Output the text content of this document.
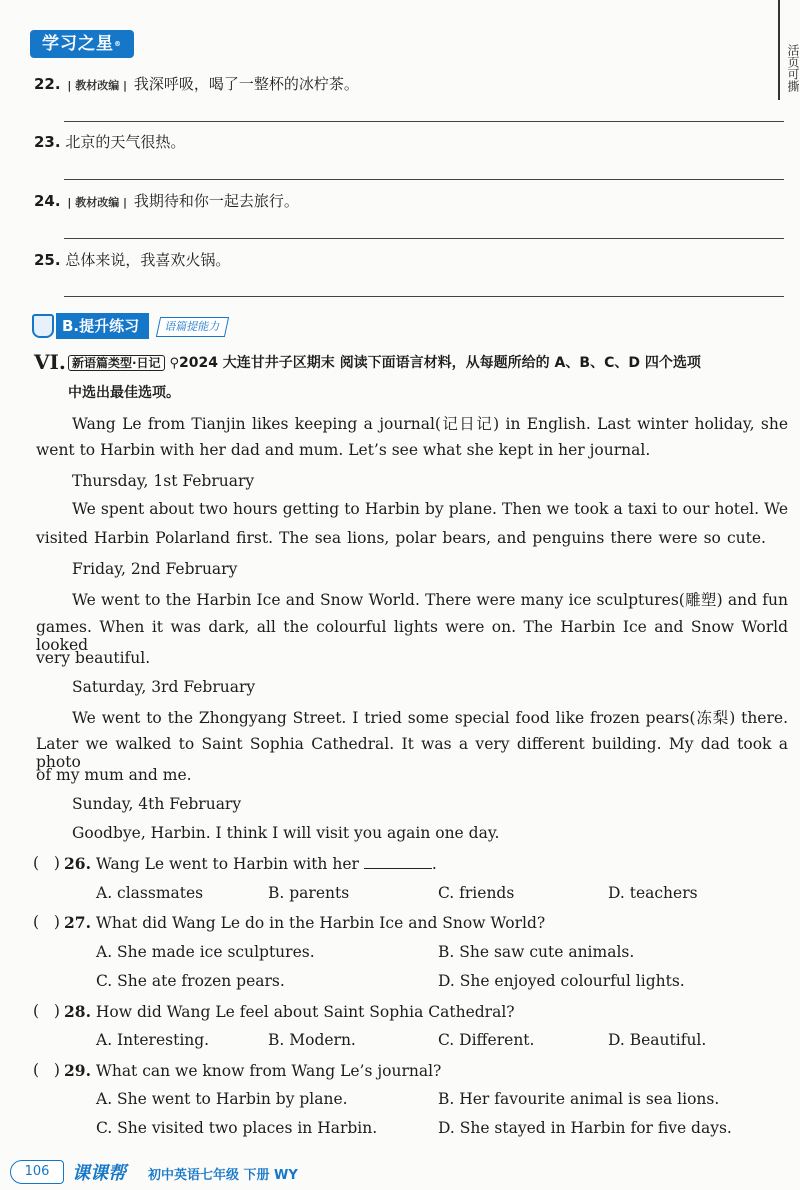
学习之星®	活页可撕
22. | 教材改编 | 我深呼吸，喝了一整杯的冰柠茶。
23. 北京的天气很热。
24. | 教材改编 | 我期待和你一起去旅行。
25. 总体来说，我喜欢火锅。
B.提升练习	语篇提能力
VI. 新语篇类型·日记 ⚲2024 大连甘井子区期末 阅读下面语言材料，从每题所给的 A、B、C、D 四个选项
中选出最佳选项。
Wang Le from Tianjin likes keeping a journal(记日记) in English. Last winter holiday, she
went to Harbin with her dad and mum. Let’s see what she kept in her journal.
Thursday, 1st February
We spent about two hours getting to Harbin by plane. Then we took a taxi to our hotel. We
visited Harbin Polarland first. The sea lions, polar bears, and penguins there were so cute.
Friday, 2nd February
We went to the Harbin Ice and Snow World. There were many ice sculptures(雕塑) and fun
games. When it was dark, all the colourful lights were on. The Harbin Ice and Snow World looked
very beautiful.
Saturday, 3rd February
We went to the Zhongyang Street. I tried some special food like frozen pears(冻梨) there.
Later we walked to Saint Sophia Cathedral. It was a very different building. My dad took a photo
of my mum and me.
Sunday, 4th February
Goodbye, Harbin. I think I will visit you again one day.
( ) 26. Wang Le went to Harbin with her	.
A. classmates	B. parents	C. friends	D. teachers
( ) 27. What did Wang Le do in the Harbin Ice and Snow World?
A. She made ice sculptures.	B. She saw cute animals.
C. She ate frozen pears.	D. She enjoyed colourful lights.
( ) 28. How did Wang Le feel about Saint Sophia Cathedral?
A. Interesting.	B. Modern.	C. Different.	D. Beautiful.
( ) 29. What can we know from Wang Le’s journal?
A. She went to Harbin by plane.	B. Her favourite animal is sea lions.
C. She visited two places in Harbin.	D. She stayed in Harbin for five days.
106	课课帮 初中英语七年级 下册 WY
